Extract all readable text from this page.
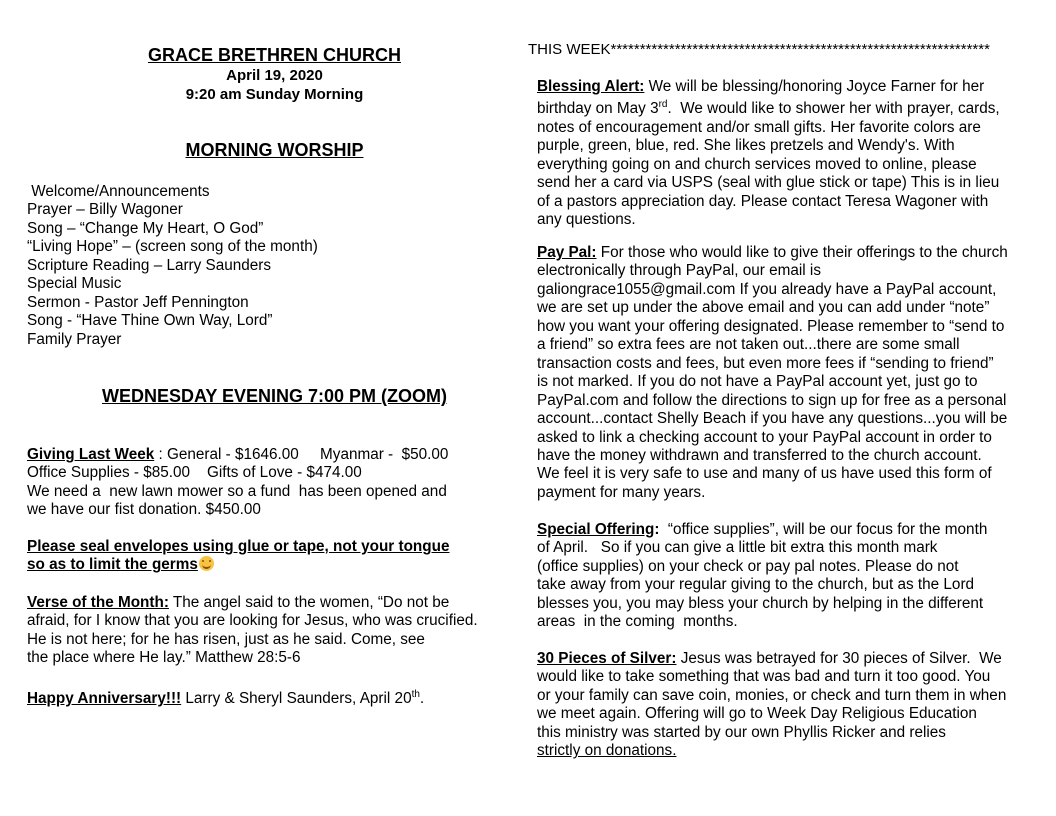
GRACE BRETHREN CHURCH
April 19, 2020
9:20 am Sunday Morning
MORNING WORSHIP
Welcome/Announcements
Prayer – Billy Wagoner
Song – “Change My Heart, O God”
“Living Hope” – (screen song of the month)
Scripture Reading – Larry Saunders
Special Music
Sermon - Pastor Jeff Pennington
Song - “Have Thine Own Way, Lord”
Family Prayer
WEDNESDAY EVENING 7:00 PM (ZOOM)
Giving Last Week : General - $1646.00     Myanmar -  $50.00
Office Supplies - $85.00    Gifts of Love - $474.00
We need a  new lawn mower so a fund  has been opened and
we have our fist donation. $450.00
Please seal envelopes using glue or tape, not your tongue
so as to limit the germs
Verse of the Month: The angel said to the women, “Do not be
afraid, for I know that you are looking for Jesus, who was crucified.
He is not here; for he has risen, just as he said. Come, see
the place where He lay.” Matthew 28:5-6
Happy Anniversary!!! Larry & Sheryl Saunders, April 20th.
THIS WEEK*****************************************************************
Blessing Alert: We will be blessing/honoring Joyce Farner for her
birthday on May 3rd.  We would like to shower her with prayer, cards,
notes of encouragement and/or small gifts. Her favorite colors are
purple, green, blue, red. She likes pretzels and Wendy's. With
everything going on and church services moved to online, please
send her a card via USPS (seal with glue stick or tape) This is in lieu
of a pastors appreciation day. Please contact Teresa Wagoner with
any questions.
Pay Pal: For those who would like to give their offerings to the church
electronically through PayPal, our email is
galiongrace1055@gmail.com If you already have a PayPal account,
we are set up under the above email and you can add under “note”
how you want your offering designated. Please remember to “send to
a friend” so extra fees are not taken out...there are some small
transaction costs and fees, but even more fees if “sending to friend”
is not marked. If you do not have a PayPal account yet, just go to
PayPal.com and follow the directions to sign up for free as a personal
account...contact Shelly Beach if you have any questions...you will be
asked to link a checking account to your PayPal account in order to
have the money withdrawn and transferred to the church account.
We feel it is very safe to use and many of us have used this form of
payment for many years.
Special Offering:  “office supplies”, will be our focus for the month
of April.   So if you can give a little bit extra this month mark
(office supplies) on your check or pay pal notes. Please do not
take away from your regular giving to the church, but as the Lord
blesses you, you may bless your church by helping in the different
areas  in the coming  months.
30 Pieces of Silver: Jesus was betrayed for 30 pieces of Silver.  We
would like to take something that was bad and turn it too good. You
or your family can save coin, monies, or check and turn them in when
we meet again. Offering will go to Week Day Religious Education
this ministry was started by our own Phyllis Ricker and relies
strictly on donations.
